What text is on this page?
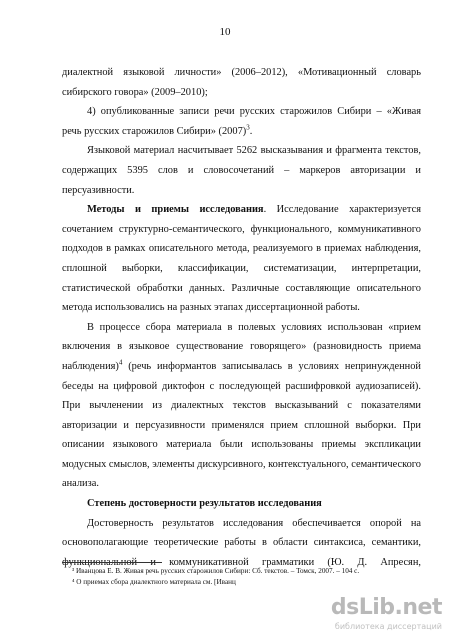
10

диалектной языковой личности» (2006–2012), «Мотивационный словарь сибирского говора» (2009–2010);

4) опубликованные записи речи русских старожилов Сибири – «Живая речь русских старожилов Сибири» $(2007)^3$.

Языковой материал насчитывает 5262 высказывания и фрагмента текстов, содержащих 5395 слов и словосочетаний – маркеров авторизации и персуазивности.

Методы и приемы исследования. Исследование характеризуется сочетанием структурно-семантического, функционального, коммуникативного подходов в рамках описательного метода, реализуемого в приемах наблюдения, сплошной выборки, классификации, систематизации, интерпретации, статистической обработки данных. Различные составляющие описательного метода использовались на разных этапах диссертационной работы.

В процессе сбора материала в полевых условиях использован «прием включения в языковое существование говорящего» (разновидность приема наблюдения)$^4$ (речь информантов записывалась в условиях непринужденной беседы на цифровой диктофон с последующей расшифровкой аудиозаписей). При вычленении из диалектных текстов высказываний с показателями авторизации и персуазивности применялся прием сплошной выборки. При описании языкового материала были использованы приемы экспликации модусных смыслов, элементы дискурсивного, контекстуального, семантического анализа.

Степень достоверности результатов исследования

Достоверность результатов исследования обеспечивается опорой на основополагающие теоретические работы в области синтаксиса, семантики, функциональной и коммуникативной грамматики (Ю. Д. Апресян,

³ Иванцова Е. В. Живая речь русских старожилов Сибири: Сб. текстов. – Томск, 2007. – 104 с.
⁴ О приемах сбора диалектного материала см. [Иванц
dsLib.net
библиотека диссертаций
